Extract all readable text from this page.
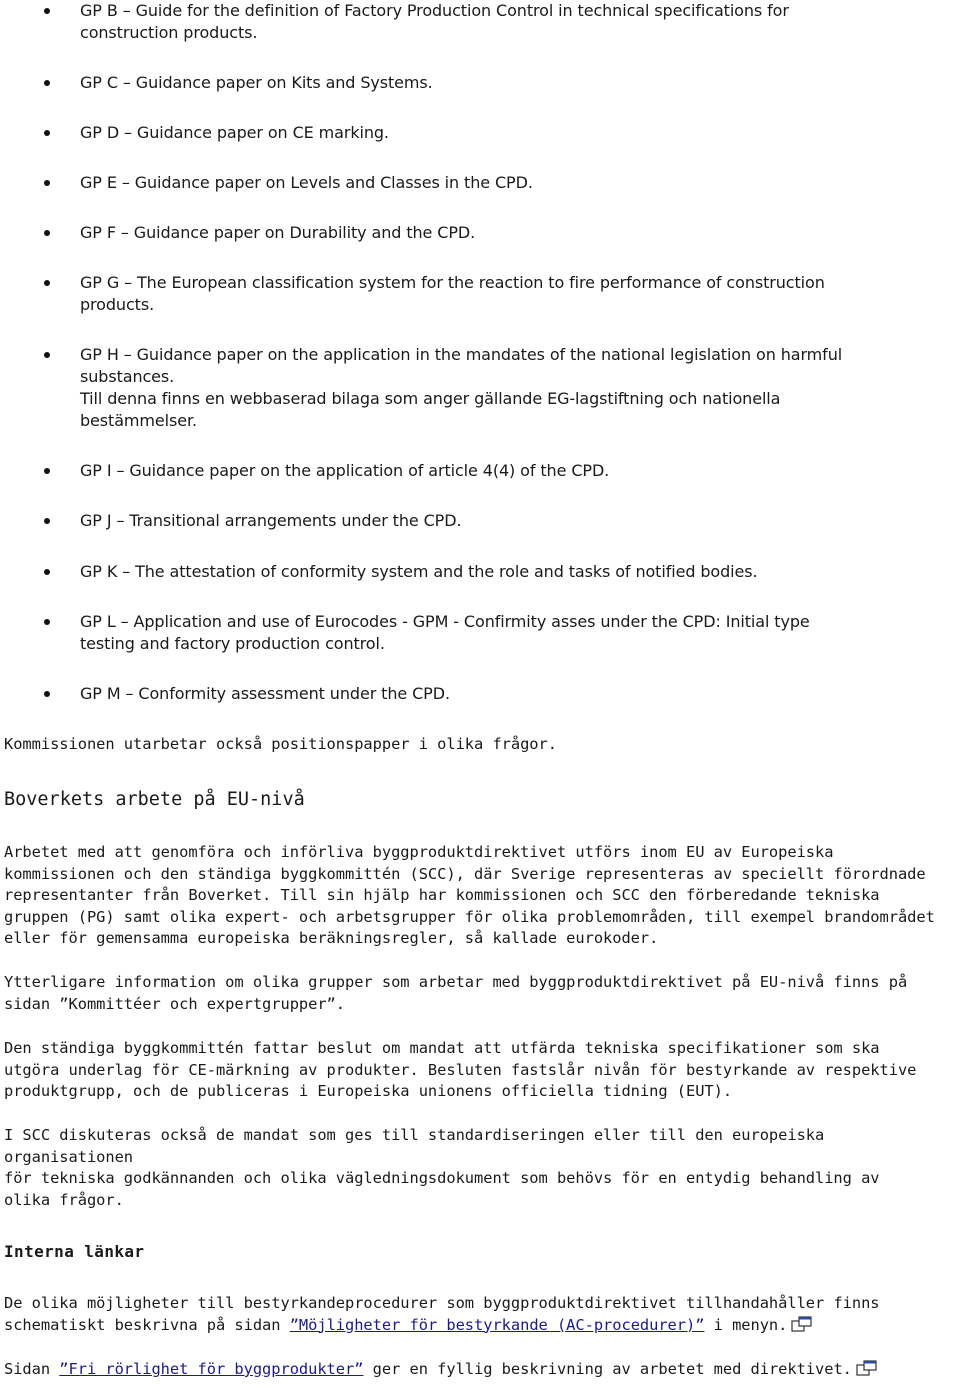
GP B – Guide for the definition of Factory Production Control in technical specifications for
construction products.
GP C – Guidance paper on Kits and Systems.
GP D – Guidance paper on CE marking.
GP E – Guidance paper on Levels and Classes in the CPD.
GP F – Guidance paper on Durability and the CPD.
GP G – The European classification system for the reaction to fire performance of construction
products.
GP H – Guidance paper on the application in the mandates of the national legislation on harmful
substances.
Till denna finns en webbaserad bilaga som anger gällande EG-lagstiftning och nationella
bestämmelser.
GP I – Guidance paper on the application of article 4(4) of the CPD.
GP J – Transitional arrangements under the CPD.
GP K – The attestation of conformity system and the role and tasks of notified bodies.
GP L – Application and use of Eurocodes - GPM - Confirmity asses under the CPD: Initial type
testing and factory production control.
GP M – Conformity assessment under the CPD.
Kommissionen utarbetar också positionspapper i olika frågor.
Boverkets arbete på EU-nivå
Arbetet med att genomföra och införliva byggproduktdirektivet utförs inom EU av Europeiska
kommissionen och den ständiga byggkommittén (SCC), där Sverige representeras av speciellt förordnade
representanter från Boverket. Till sin hjälp har kommissionen och SCC den förberedande tekniska
gruppen (PG) samt olika expert- och arbetsgrupper för olika problemområden, till exempel brandområdet
eller för gemensamma europeiska beräkningsregler, så kallade eurokoder.
Ytterligare information om olika grupper som arbetar med byggproduktdirektivet på EU-nivå finns på
sidan ”Kommittéer och expertgrupper”.
Den ständiga byggkommittén fattar beslut om mandat att utfärda tekniska specifikationer som ska
utgöra underlag för CE-märkning av produkter. Besluten fastslår nivån för bestyrkande av respektive
produktgrupp, och de publiceras i Europeiska unionens officiella tidning (EUT).
I SCC diskuteras också de mandat som ges till standardiseringen eller till den europeiska organisationen
för tekniska godkännanden och olika vägledningsdokument som behövs för en entydig behandling av
olika frågor.
Interna länkar
De olika möjligheter till bestyrkandeprocedurer som byggproduktdirektivet tillhandahåller finns
schematiskt beskrivna på sidan ”Möjligheter för bestyrkande (AC-procedurer)” i menyn.
Sidan ”Fri rörlighet för byggprodukter” ger en fyllig beskrivning av arbetet med direktivet.
